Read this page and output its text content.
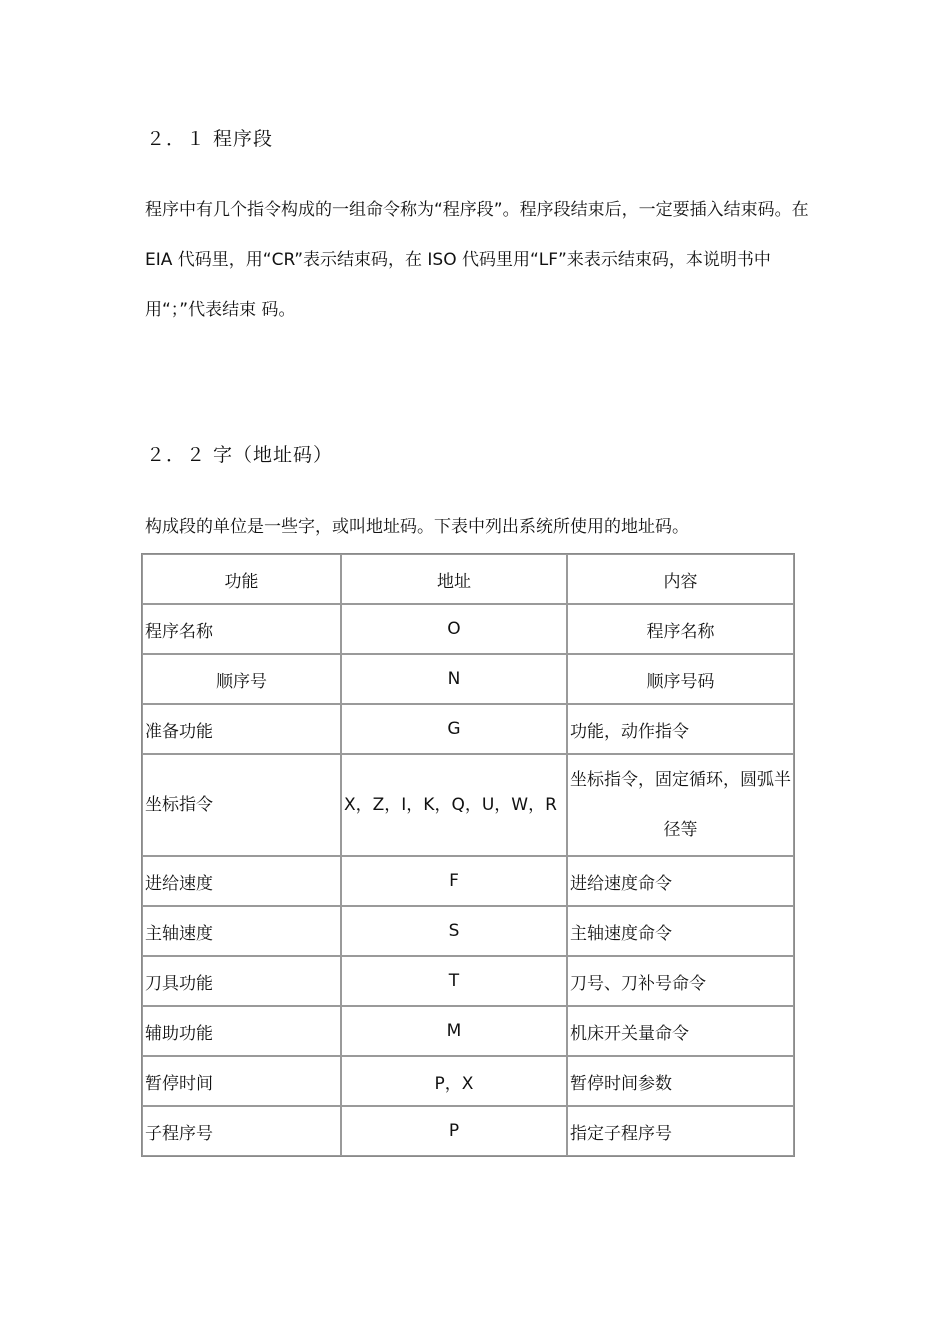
２．１ 程序段

程序中有几个指令构成的一组命令称为“程序段”。程序段结束后，一定要插入结束码。在 EIA 代码里，用“CR”表示结束码，在 ISO 代码里用“LF”来表示结束码，本说明书中用“；”代表结束 码。

２．２ 字（地址码）

构成段的单位是一些字，或叫地址码。下表中列出系统所使用的地址码。

功能	地址	内容
程序名称	O	程序名称
顺序号	N	顺序号码
准备功能	G	功能，动作指令
坐标指令	X，Z，I，K，Q，U，W，R	坐标指令，固定循环，圆弧半径等
进给速度	F	进给速度命令
主轴速度	S	主轴速度命令
刀具功能	T	刀号、刀补号命令
辅助功能	M	机床开关量命令
暂停时间	P，X	暂停时间参数
子程序号	P	指定子程序号
